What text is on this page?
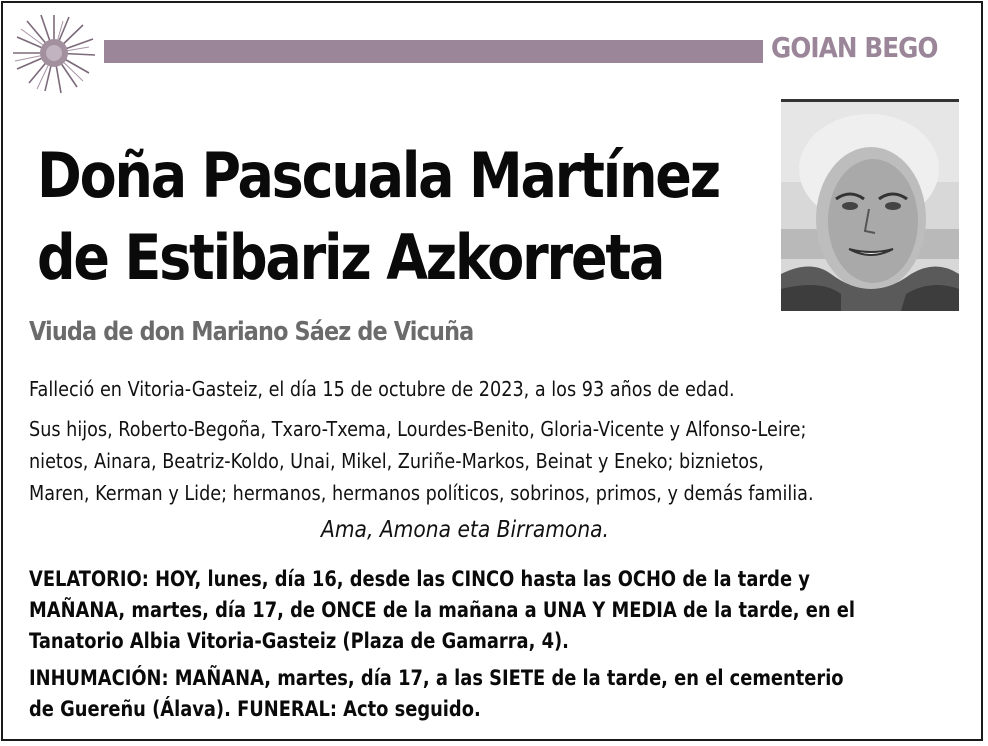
GOIAN BEGO
Doña Pascuala Martínez
de Estibariz Azkorreta
Viuda de don Mariano Sáez de Vicuña
Falleció en Vitoria-Gasteiz, el día 15 de octubre de 2023, a los 93 años de edad.
Sus hijos, Roberto-Begoña, Txaro-Txema, Lourdes-Benito, Gloria-Vicente y Alfonso-Leire;
nietos, Ainara, Beatriz-Koldo, Unai, Mikel, Zuriñe-Markos, Beinat y Eneko; biznietos,
Maren, Kerman y Lide; hermanos, hermanos políticos, sobrinos, primos, y demás familia.
Ama, Amona eta Birramona.
VELATORIO: HOY, lunes, día 16, desde las CINCO hasta las OCHO de la tarde y
MAÑANA, martes, día 17, de ONCE de la mañana a UNA Y MEDIA de la tarde, en el
Tanatorio Albia Vitoria-Gasteiz (Plaza de Gamarra, 4).
INHUMACIÓN: MAÑANA, martes, día 17, a las SIETE de la tarde, en el cementerio
de Guereñu (Álava). FUNERAL: Acto seguido.
